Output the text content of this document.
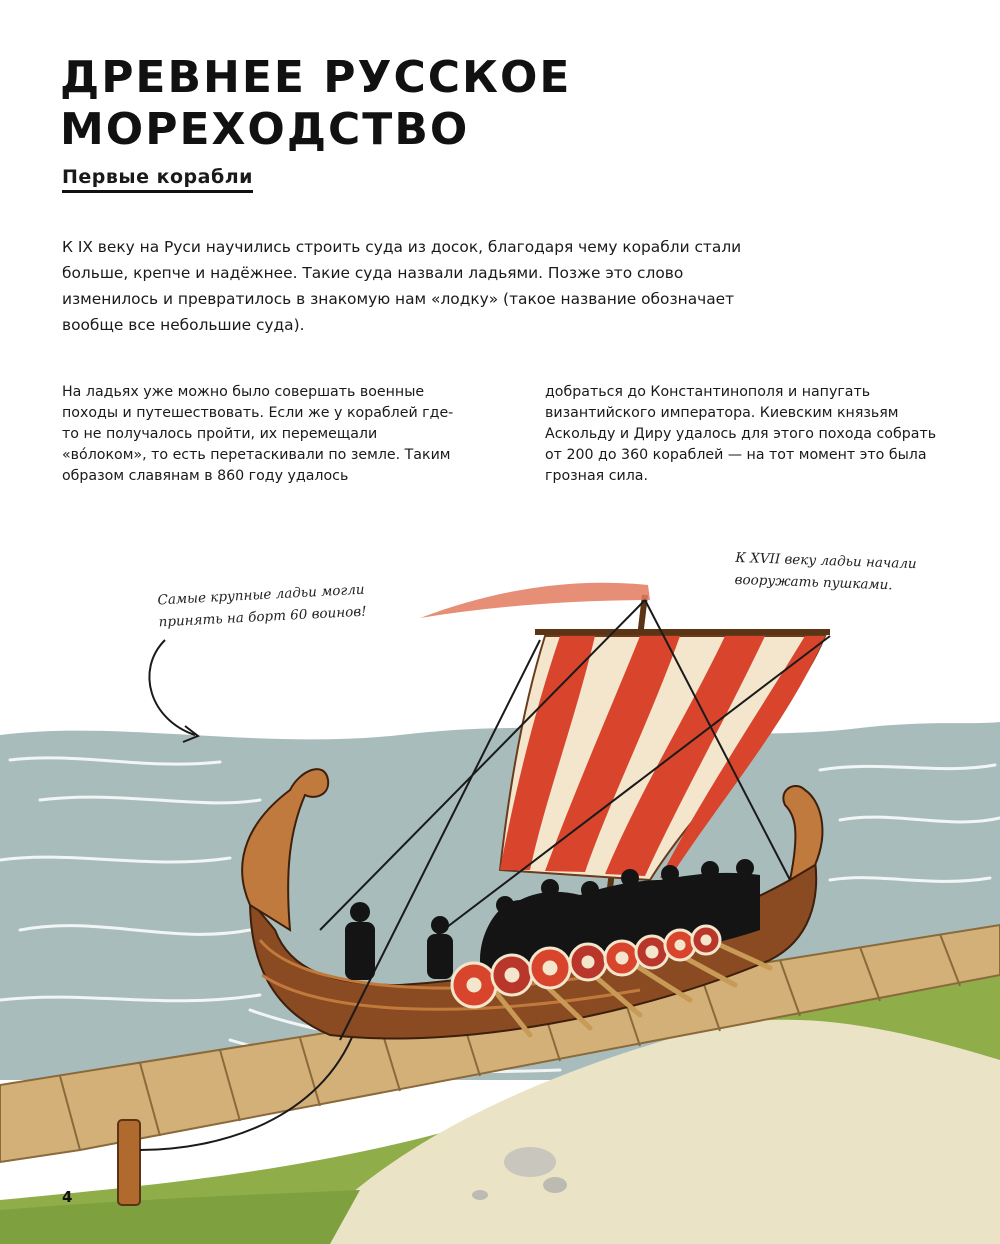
ДРЕВНЕЕ РУССКОЕ
МОРЕХОДСТВО
Первые корабли

К IX веку на Руси научились строить суда из досок, благодаря чему корабли стали больше, крепче и надёжнее. Такие суда назвали ладьями. Позже это слово изменилось и превратилось в знакомую нам «лодку» (такое название обозначает вообще все небольшие суда).

На ладьях уже можно было совершать военные походы и путешествовать. Если же у кораблей где-то не получалось пройти, их перемещали «вóлоком», то есть перетаскивали по земле. Таким образом славянам в 860 году удалось

добраться до Константинополя и напугать византийского императора. Киевским князьям Аскольду и Диру удалось для этого похода собрать от 200 до 360 кораблей — на тот момент это была грозная сила.

Самые крупные ладьи могли
принять на борт 60 воинов!

К XVII веку ладьи начали
вооружать пушками.

4
